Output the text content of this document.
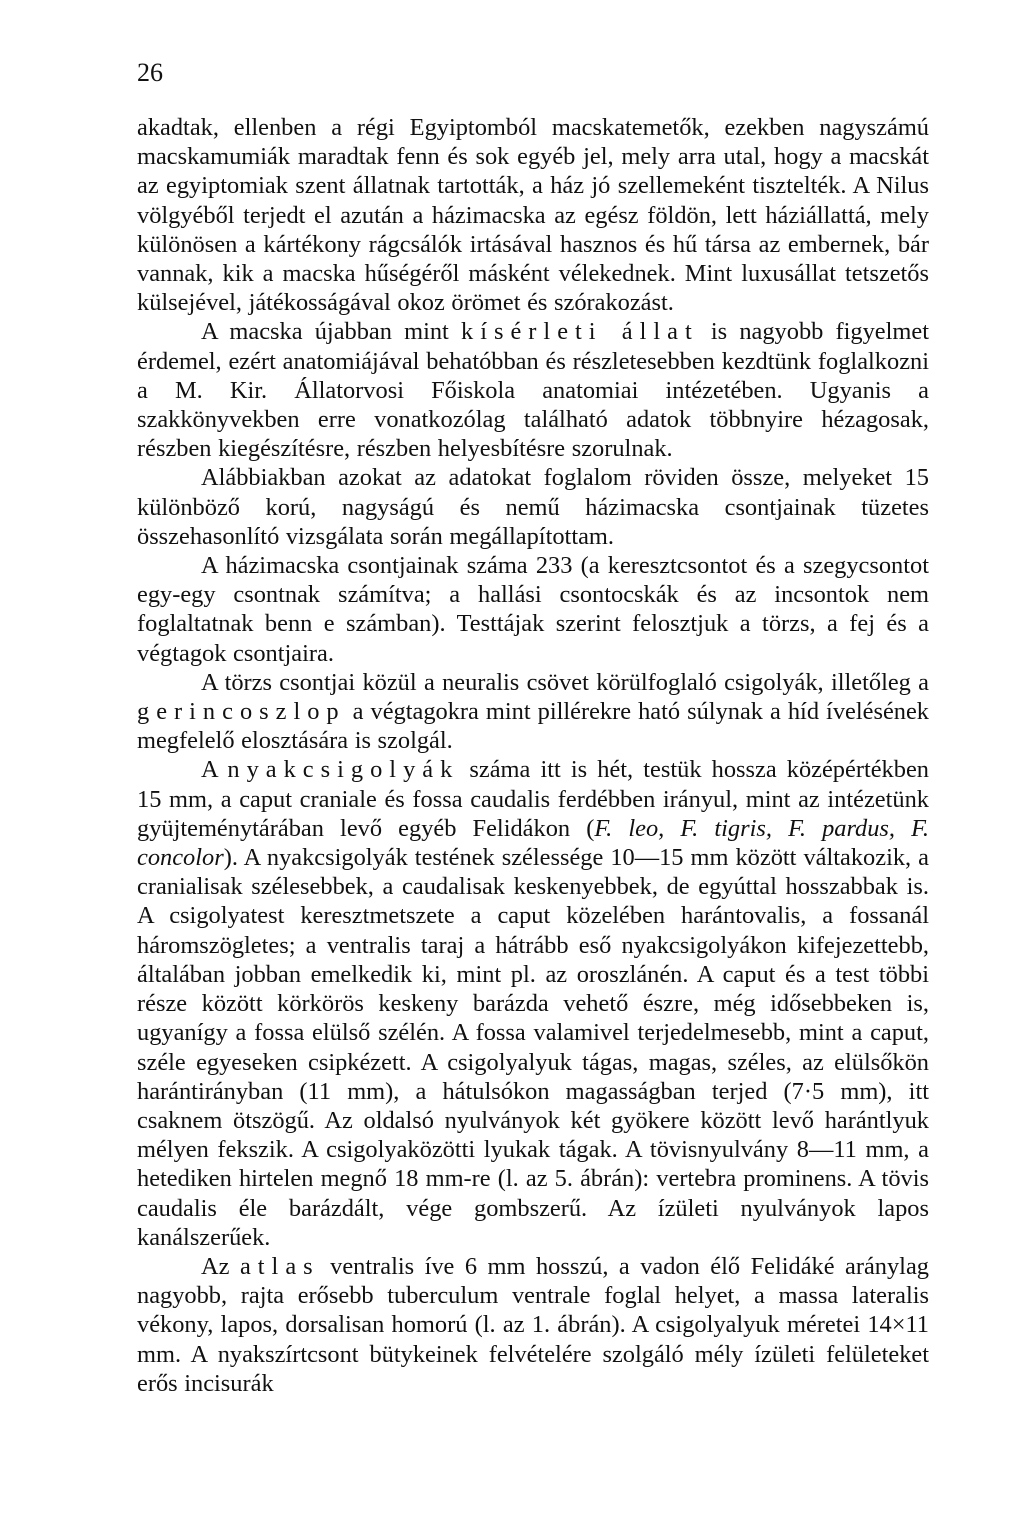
26

akadtak, ellenben a régi Egyiptomból macskatemetők, ezekben nagyszámú macskamumiák maradtak fenn és sok egyéb jel, mely arra utal, hogy a macskát az egyiptomiak szent állatnak tartották, a ház jó szellemeként tisztelték. A Nilus völgyéből terjedt el azután a házimacska az egész földön, lett háziállattá, mely különösen a kártékony rágcsálók irtásával hasznos és hű társa az embernek, bár vannak, kik a macska hűségéről másként vélekednek. Mint luxusállat tetszetős külsejével, játékosságával okoz örömet és szórakozást.

A macska újabban mint kísérleti állat is nagyobb figyelmet érdemel, ezért anatomiájával behatóbban és részletesebben kezdtünk foglalkozni a M. Kir. Állatorvosi Főiskola anatomiai intézetében. Ugyanis a szakkönyvekben erre vonatkozólag található adatok többnyire hézagosak, részben kiegészítésre, részben helyesbítésre szorulnak.

Alábbiakban azokat az adatokat foglalom röviden össze, melyeket 15 különböző korú, nagyságú és nemű házimacska csontjainak tüzetes összehasonlító vizsgálata során megállapítottam.

A házimacska csontjainak száma 233 (a keresztcsontot és a szegycsontot egy-egy csontnak számítva; a hallási csontocskák és az incsontok nem foglaltatnak benn e számban). Testtájak szerint felosztjuk a törzs, a fej és a végtagok csontjaira.

A törzs csontjai közül a neuralis csövet körülfoglaló csigolyák, illetőleg a gerincoszlop a végtagokra mint pillérekre ható súlynak a híd ívelésének megfelelő elosztására is szolgál.

A nyakcsigolyák száma itt is hét, testük hossza középértékben 15 mm, a caput craniale és fossa caudalis ferdébben irányul, mint az intézetünk gyüjteménytárában levő egyéb Felidákon (F. leo, F. tigris, F. pardus, F. concolor). A nyakcsigolyák testének szélessége 10—15 mm között váltakozik, a cranialisak szélesebbek, a caudalisak keskenyebbek, de egyúttal hosszabbak is. A csigolyatest keresztmetszete a caput közelében harántovalis, a fossanál háromszögletes; a ventralis taraj a hátrább eső nyakcsigolyákon kifejezettebb, általában jobban emelkedik ki, mint pl. az oroszlánén. A caput és a test többi része között körkörös keskeny barázda vehető észre, még idősebbeken is, ugyanígy a fossa elülső szélén. A fossa valamivel terjedelmesebb, mint a caput, széle egyeseken csipkézett. A csigolyalyuk tágas, magas, széles, az elülsőkön harántirányban (11 mm), a hátulsókon magasságban terjed (7·5 mm), itt csaknem ötszögű. Az oldalsó nyulványok két gyökere között levő harántlyuk mélyen fekszik. A csigolyaközötti lyukak tágak. A tövisnyulvány 8—11 mm, a hetediken hirtelen megnő 18 mm-re (l. az 5. ábrán): vertebra prominens. A tövis caudalis éle barázdált, vége gombszerű. Az ízületi nyulványok lapos kanálszerűek.

Az atlas ventralis íve 6 mm hosszú, a vadon élő Felidáké aránylag nagyobb, rajta erősebb tuberculum ventrale foglal helyet, a massa lateralis vékony, lapos, dorsalisan homorú (l. az 1. ábrán). A csigolyalyuk méretei 14×11 mm. A nyakszírtcsont bütykeinek felvételére szolgáló mély ízületi felületeket erős incisurák
